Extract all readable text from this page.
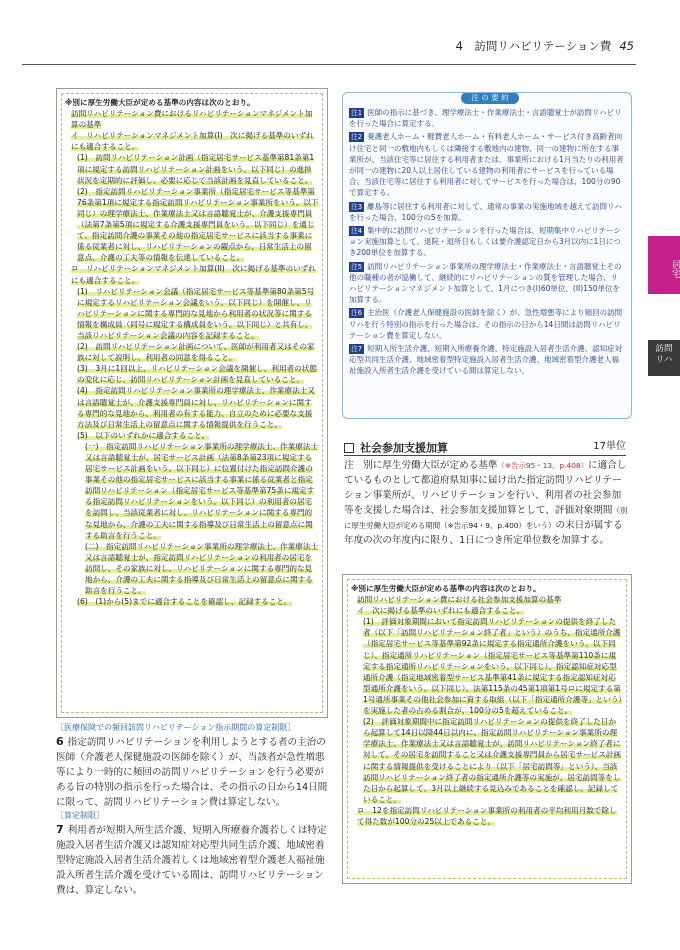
4　訪問リハビリテーション費 45
居宅
訪問
リハ

※別に厚生労働大臣が定める基準の内容は次のとおり。

訪問リハビリテーション費におけるリハビリテーションマネジメント加算の基準

イ　リハビリテーションマネジメント加算(I)　次に掲げる基準のいずれにも適合すること。

(1)　訪問リハビリテーション計画（指定居宅サービス基準第81条第1項に規定する訪問リハビリテーション計画をいう。以下同じ）の進捗状況を定期的に評価し、必要に応じて当該計画を見直していること。

(2)　指定訪問リハビリテーション事業所（指定居宅サービス等基準第76条第1項に規定する指定訪問リハビリテーション事業所をいう。以下同じ）の理学療法士、作業療法士又は言語聴覚士が、介護支援専門員（法第7条第5項に規定する介護支援専門員をいう。以下同じ）を通じて、指定訪問介護の事業その他の指定居宅サービスに該当する事業に係る従業者に対し、リハビリテーションの観点から、日常生活上の留意点、介護の工夫等の情報を伝達していること。

ロ　リハビリテーションマネジメント加算(II)　次に掲げる基準のいずれにも適合すること。

(1)　リハビリテーション会議（指定居宅サービス等基準第80条第5号に規定するリハビリテーション会議をいう。以下同じ）を開催し、リハビリテーションに関する専門的な見地から利用者の状況等に関する情報を構成員（同号に規定する構成員をいう。以下同じ）と共有し、当該リハビリテーション会議の内容を記録すること。

(2)　訪問リハビリテーション計画について、医師が利用者又はその家族に対して説明し、利用者の同意を得ること。

(3)　3月に1回以上、リハビリテーション会議を開催し、利用者の状態の変化に応じ、訪問リハビリテーション計画を見直していること。

(4)　指定訪問リハビリテーション事業所の理学療法士、作業療法士又は言語聴覚士が、介護支援専門員に対し、リハビリテーションに関する専門的な見地から、利用者の有する能力、自立のために必要な支援方法及び日常生活上の留意点に関する情報提供を行うこと。

(5)　以下のいずれかに適合すること。

(一)　指定訪問リハビリテーション事業所の理学療法士、作業療法士又は言語聴覚士が、居宅サービス計画（法第8条第23項に規定する居宅サービス計画をいう。以下同じ）に位置付けた指定訪問介護の事業その他の指定居宅サービスに該当する事業に係る従業者と指定訪問リハビリテーション（指定居宅サービス等基準第75条に規定する指定訪問リハビリテーションをいう。以下同じ）の利用者の居宅を訪問し、当該従業者に対し、リハビリテーションに関する専門的な見地から、介護の工夫に関する指導及び日常生活上の留意点に関する助言を行うこと。

(二)　指定訪問リハビリテーション事業所の理学療法士、作業療法士又は言語聴覚士が、指定訪問リハビリテーションの利用者の居宅を訪問し、その家族に対し、リハビリテーションに関する専門的な見地から、介護の工夫に関する指導及び日常生活上の留意点に関する助言を行うこと。

(6)　(1)から(5)までに適合することを確認し、記録すること。

［医療保険での頻回訪問リハビリテーション指示期間の算定制限］

6 指定訪問リハビリテーションを利用しようとする者の主治の医師（介護老人保健施設の医師を除く）が、当該者が急性増悪等により一時的に頻回の訪問リハビリテーションを行う必要がある旨の特別の指示を行った場合は、その指示の日から14日間に限って、訪問リハビリテーション費は算定しない。

［算定制限］

7 利用者が短期入所生活介護、短期入所療養介護若しくは特定施設入居者生活介護又は認知症対応型共同生活介護、地域密着型特定施設入居者生活介護若しくは地域密着型介護老人福祉施設入所者生活介護を受けている間は、訪問リハビリテーション費は、算定しない。

注 の 要 約

注1 医師の指示に基づき、理学療法士・作業療法士・言語聴覚士が訪問リハビリを行った場合に算定する。

注2 養護老人ホーム・軽費老人ホーム・有料老人ホーム・サービス付き高齢者向け住宅と同一の敷地内もしくは隣接する敷地内の建物、同一の建物に所在する事業所が、当該住宅等に居住する利用者または、事業所における1月当たりの利用者が同一の建物に20人以上居住している建物の利用者にサービスを行っている場合、当該住宅等に居住する利用者に対してサービスを行った場合は、100分の90で算定する。

注3 離島等に居住する利用者に対して、通常の事業の実施地域を越えて訪問リハを行った場合、100分の5を加算。

注4 集中的に訪問リハビリテーションを行った場合は、短期集中リハビリテーション実施加算として、退院・退所日もしくは要介護認定日から3月以内に1日につき200単位を加算する。

注5 訪問リハビリテーション事業所の理学療法士・作業療法士・言語聴覚士その他の職種の者が協働して、継続的にリハビリテーションの質を管理した場合、リハビリテーションマネジメント加算として、1月につき(I)60単位、(II)150単位を加算する。

注6 主治医（介護老人保健施設の医師を除く）が、急性増悪等により頻回の訪問リハを行う特別の指示を行った場合は、その指示の日から14日間は訪問リハビリテーション費を算定しない。

注7 短期入所生活介護、短期入所療養介護、特定施設入居者生活介護、認知症対応型共同生活介護、地域密着型特定施設入居者生活介護、地域密着型介護老人福祉施設入所者生活介護を受けている間は算定しない。

社会参加支援加算	17単位

注　別に厚生労働大臣が定める基準（※告示95・13、p.408）に適合しているものとして都道府県知事に届け出た指定訪問リハビリテーション事業所が、リハビリテーションを行い、利用者の社会参加等を支援した場合は、社会参加支援加算として、評価対象期間（別に厚生労働大臣が定める期間（※告示94・9、p.400）をいう）の末日が属する年度の次の年度内に限り、1日につき所定単位数を加算する。

※別に厚生労働大臣が定める基準の内容は次のとおり。

訪問リハビリテーション費における社会参加支援加算の基準

イ　次に掲げる基準のいずれにも適合すること。

(1)　評価対象期間において指定訪問リハビリテーションの提供を終了した者（以下「訪問リハビリテーション終了者」という）のうち、指定通所介護（指定居宅サービス等基準第92条に規定する指定通所介護をいう。以下同じ）、指定通所リハビリテーション（指定居宅サービス等基準第110条に規定する指定通所リハビリテーションをいう。以下同じ）、指定認知症対応型通所介護（指定地域密着型サービス基準第41条に規定する指定認知症対応型通所介護をいう。以下同じ）、法第115条の45第1項第1号ロに規定する第1号通所事業その他社会参加に資する取組（以下「指定通所介護等」という）を実施した者の占める割合が、100分の5を超えていること。

(2)　評価対象期間中に指定訪問リハビリテーションの提供を終了した日から起算して14日以降44日以内に、指定訪問リハビリテーション事業所の理学療法士、作業療法士又は言語聴覚士が、訪問リハビリテーション終了者に対して、その居宅を訪問すること又は介護支援専門員から居宅サービス計画に関する情報提供を受けることにより（以下「居宅訪問等」という）、当該訪問リハビリテーション終了者の指定通所介護等の実施が、居宅訪問等をした日から起算して、3月以上継続する見込みであることを確認し、記録していること。

ロ　12を指定訪問リハビリテーション事業所の利用者の平均利用月数で除して得た数が100分の25以上であること。
